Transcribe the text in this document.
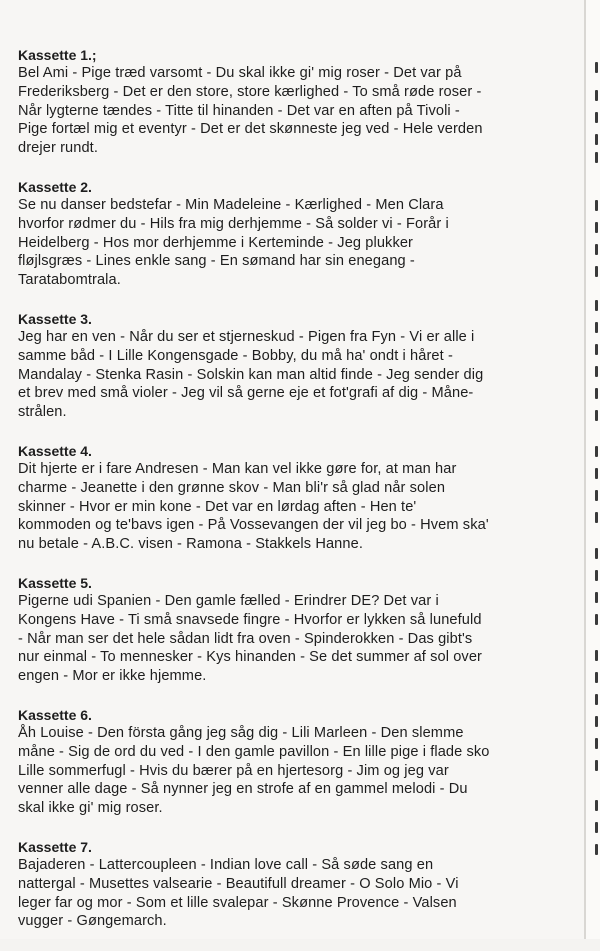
Kassette 1.;
Bel Ami - Pige træd varsomt - Du skal ikke gi' mig roser - Det var på
Frederiksberg - Det er den store, store kærlighed - To små røde roser -
Når lygterne tændes - Titte til hinanden - Det var en aften på Tivoli -
Pige fortæl mig et eventyr - Det er det skønneste jeg ved - Hele verden
drejer rundt.
Kassette 2.
Se nu danser bedstefar - Min Madeleine - Kærlighed - Men Clara
hvorfor rødmer du - Hils fra mig derhjemme - Så solder vi - Forår i
Heidelberg - Hos mor derhjemme i Kerteminde - Jeg plukker
fløjlsgræs - Lines enkle sang - En sømand har sin enegang -
Taratabomtrala.
Kassette 3.
Jeg har en ven - Når du ser et stjerneskud - Pigen fra Fyn - Vi er alle i
samme båd - I Lille Kongensgade - Bobby, du må ha' ondt i håret -
Mandalay - Stenka Rasin - Solskin kan man altid finde - Jeg sender dig
et brev med små violer - Jeg vil så gerne eje et fot'grafi af dig - Måne-
strålen.
Kassette 4.
Dit hjerte er i fare Andresen - Man kan vel ikke gøre for, at man har
charme - Jeanette i den grønne skov - Man bli'r så glad når solen
skinner - Hvor er min kone - Det var en lørdag aften - Hen te'
kommoden og te'bavs igen - På Vossevangen der vil jeg bo - Hvem ska'
nu betale - A.B.C. visen - Ramona - Stakkels Hanne.
Kassette 5.
Pigerne udi Spanien - Den gamle fælled - Erindrer DE? Det var i
Kongens Have - Ti små snavsede fingre - Hvorfor er lykken så lunefuld
- Når man ser det hele sådan lidt fra oven - Spinderokken - Das gibt's
nur einmal - To mennesker - Kys hinanden - Se det summer af sol over
engen - Mor er ikke hjemme.
Kassette 6.
Åh Louise - Den första gång jeg såg dig - Lili Marleen - Den slemme
måne - Sig de ord du ved - I den gamle pavillon - En lille pige i flade sko
Lille sommerfugl - Hvis du bærer på en hjertesorg - Jim og jeg var
venner alle dage - Så nynner jeg en strofe af en gammel melodi - Du
skal ikke gi' mig roser.
Kassette 7.
Bajaderen - Lattercoupleen - Indian love call - Så søde sang en
nattergal - Musettes valsearie - Beautifull dreamer - O Solo Mio - Vi
leger far og mor - Som et lille svalepar - Skønne Provence - Valsen
vugger - Gøngemarch.
